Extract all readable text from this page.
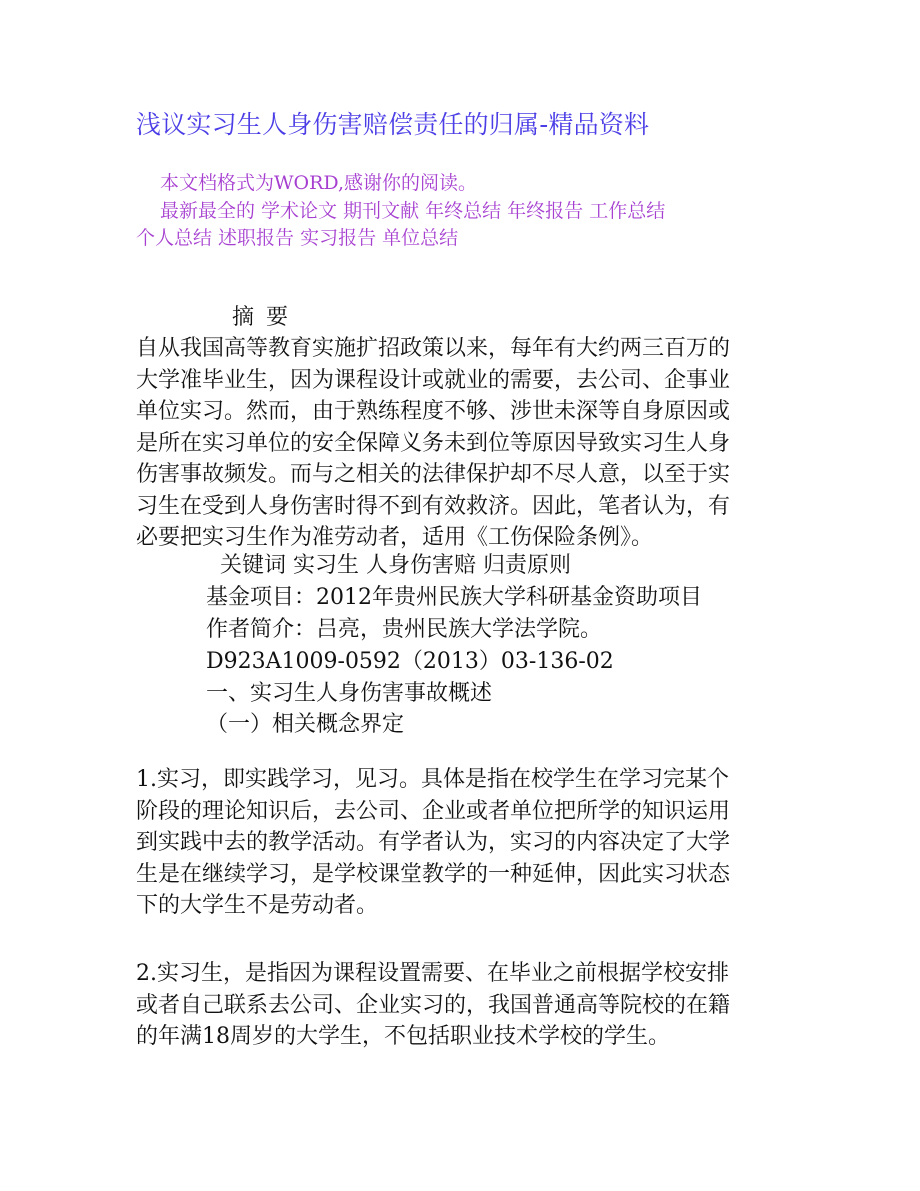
浅议实习生人身伤害赔偿责任的归属-精品资料
本文档格式为WORD,感谢你的阅读。
最新最全的 学术论文 期刊文献 年终总结 年终报告 工作总结
个人总结 述职报告 实习报告 单位总结
摘要
自从我国高等教育实施扩招政策以来，每年有大约两三百万的
大学准毕业生，因为课程设计或就业的需要，去公司、企事业
单位实习。然而，由于熟练程度不够、涉世未深等自身原因或
是所在实习单位的安全保障义务未到位等原因导致实习生人身
伤害事故频发。而与之相关的法律保护却不尽人意，以至于实
习生在受到人身伤害时得不到有效救济。因此，笔者认为，有
必要把实习生作为准劳动者，适用《工伤保险条例》。
关键词 实习生 人身伤害赔 归责原则
基金项目：2012年贵州民族大学科研基金资助项目
作者简介：吕亮，贵州民族大学法学院。
D923A1009-0592（2013）03-136-02
一、实习生人身伤害事故概述
（一）相关概念界定
1.实习，即实践学习，见习。具体是指在校学生在学习完某个
阶段的理论知识后，去公司、企业或者单位把所学的知识运用
到实践中去的教学活动。有学者认为，实习的内容决定了大学
生是在继续学习，是学校课堂教学的一种延伸，因此实习状态
下的大学生不是劳动者。
2.实习生，是指因为课程设置需要、在毕业之前根据学校安排
或者自己联系去公司、企业实习的，我国普通高等院校的在籍
的年满18周岁的大学生，不包括职业技术学校的学生。
